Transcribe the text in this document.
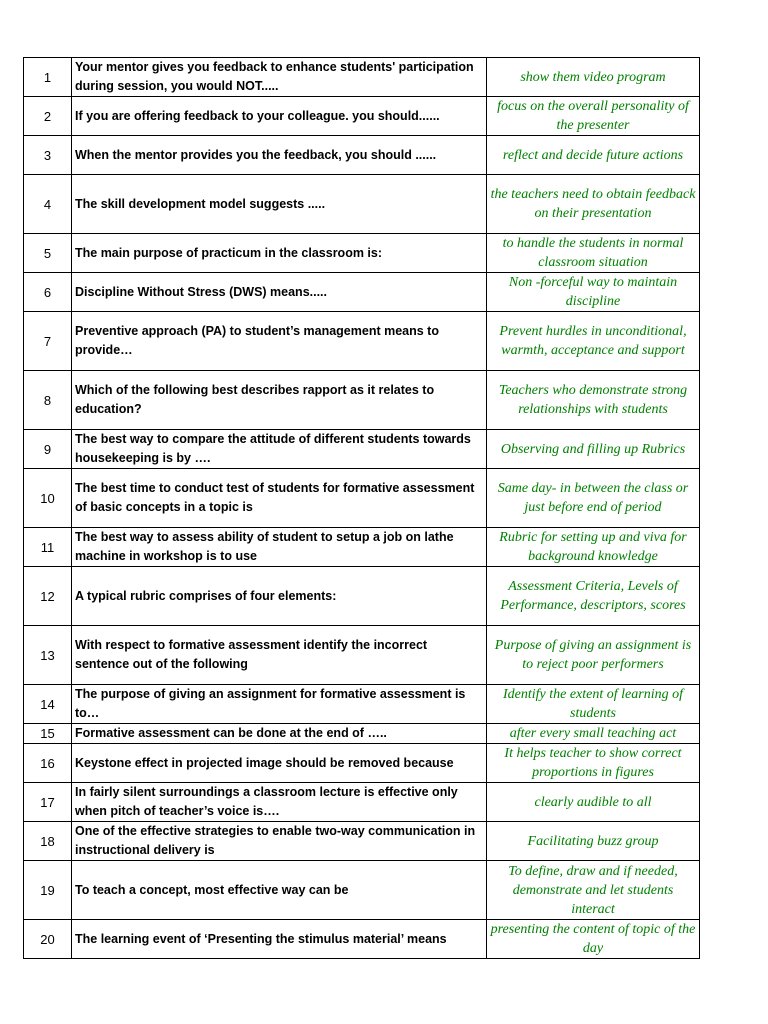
1	Your mentor gives you feedback to enhance students' participation during session, you would NOT.....	show them video program
2	If you are offering feedback to your colleague. you should......	focus on the overall personality of the presenter
3	When the mentor provides you the feedback, you should ......	reflect and decide future actions
4	The skill development model suggests .....	the teachers need to obtain feedback on their presentation
5	The main purpose of practicum in the classroom is:	to handle the students in normal classroom situation
6	Discipline Without Stress (DWS) means.....	Non -forceful way to maintain discipline
7	Preventive approach (PA) to student’s management means to provide…	Prevent hurdles in unconditional, warmth, acceptance and support
8	Which of the following best describes rapport as it relates to education?	Teachers who demonstrate strong relationships with students
9	The best way to compare the attitude of different students towards housekeeping is by ….	Observing and filling up Rubrics
10	The best time to conduct test of students for formative assessment of basic concepts in a topic is	Same day- in between the class or just before end of period
11	The best way to assess ability of student to setup a job on lathe machine in workshop is to use	Rubric for setting up and viva for background knowledge
12	A typical rubric comprises of four elements:	Assessment Criteria, Levels of Performance, descriptors, scores
13	With respect to formative assessment identify the incorrect sentence out of the following	Purpose of giving an assignment is to reject poor performers
14	The purpose of giving an assignment for formative assessment is to…	Identify the extent of learning of students
15	Formative assessment can be done at the end of …..	after every small teaching act
16	Keystone effect in projected image should be removed because	It helps teacher to show correct proportions in figures
17	In fairly silent surroundings a classroom lecture is effective only when pitch of teacher’s voice is….	clearly audible to all
18	One of the effective strategies to enable two-way communication in instructional delivery is	Facilitating buzz group
19	To teach a concept, most effective way can be	To define, draw and if needed, demonstrate and let students interact
20	The learning event of ‘Presenting the stimulus material’ means	presenting the content of topic of the day
